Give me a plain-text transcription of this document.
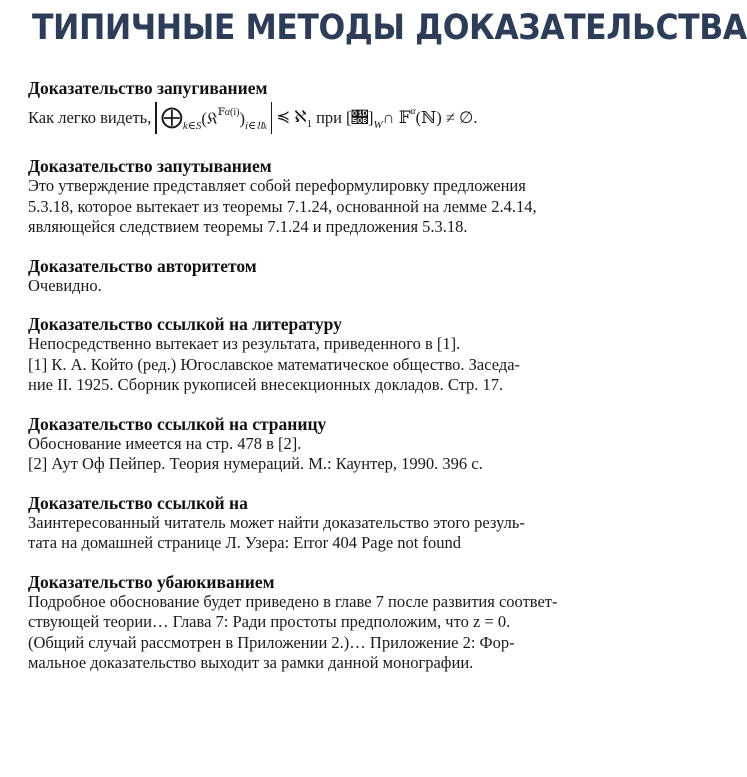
ТИПИЧНЫЕ МЕТОДЫ ДОКАЗАТЕЛЬСТВА
Доказательство запугиванием
Как легко видеть, $⨁_{k\in S}(𝔎^{𝔽\alpha(i)})_{i\in 𝔘k}$
≼ ℵ$_1$ при $[𝔋]_W\cap$ 𝔽$^\alpha$(ℕ) ≠ ∅.
Доказательство запутыванием
Это утверждение представляет собой переформулировку предложения
5.3.18, которое вытекает из теоремы 7.1.24, основанной на лемме 2.4.14,
являющейся следствием теоремы 7.1.24 и предложения 5.3.18.
Доказательство авторитетом
Очевидно.
Доказательство ссылкой на литературу
Непосредственно вытекает из результата, приведенного в [1].
[1] К. А. Който (ред.) Югославское математическое общество. Заседа-
ние II. 1925. Сборник рукописей внесекционных докладов. Стр. 17.
Доказательство ссылкой на страницу
Обоснование имеется на стр. 478 в [2].
[2] Аут Оф Пейпер. Теория нумераций. М.: Каунтер, 1990. 396 с.
Доказательство ссылкой на
Заинтересованный читатель может найти доказательство этого резуль-
тата на домашней странице Л. Узера: Error 404 Page not found
Доказательство убаюкиванием
Подробное обоснование будет приведено в главе 7 после развития соответ-
ствующей теории… Глава 7: Ради простоты предположим, что z = 0.
(Общий случай рассмотрен в Приложении 2.)… Приложение 2: Фор-
мальное доказательство выходит за рамки данной монографии.
